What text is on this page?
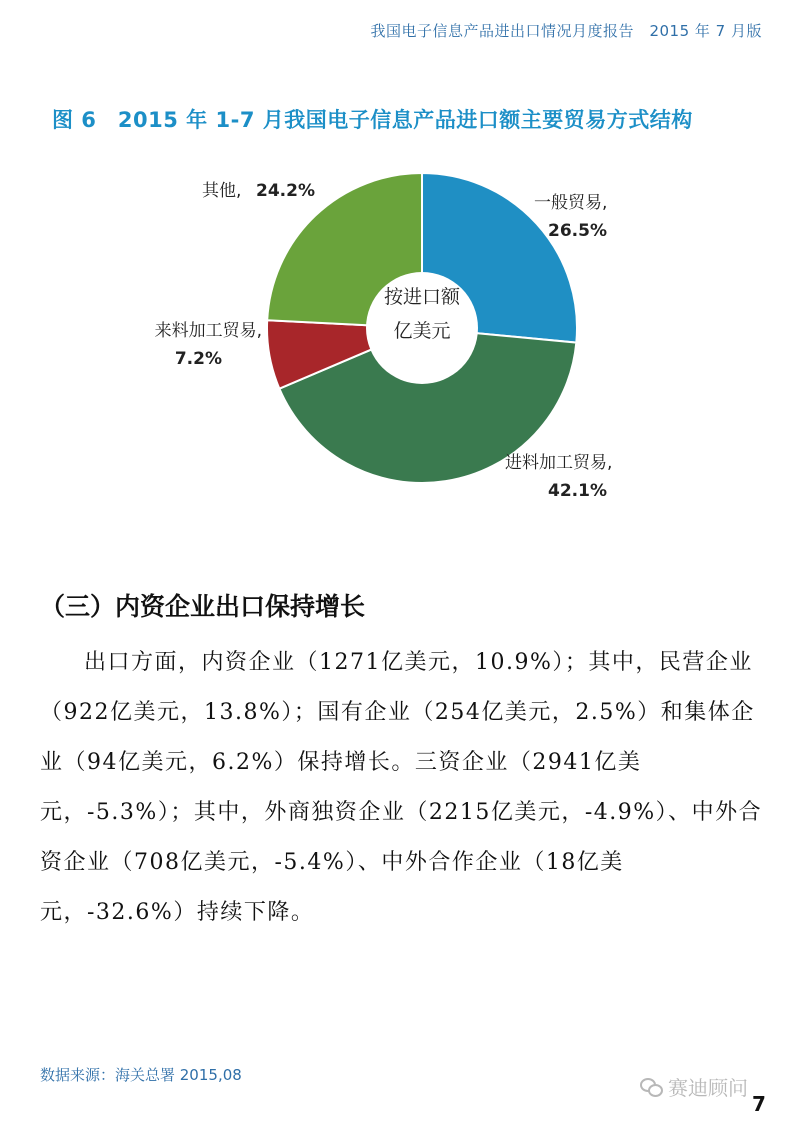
我国电子信息产品进出口情况月度报告　2015 年 7 月版
图 6　2015 年 1-7 月我国电子信息产品进口额主要贸易方式结构
按进口额
亿美元
一般贸易,
26.5%
进料加工贸易,
42.1%
来料加工贸易,
7.2%
其他, 24.2%
（三）内资企业出口保持增长
出口方面，内资企业（1271亿美元，10.9%）；其中，民营企业（922亿美元，13.8%）；国有企业（254亿美元，2.5%）和集体企业（94亿美元，6.2%）保持增长。三资企业（2941亿美元，-5.3%）；其中，外商独资企业（2215亿美元，-4.9%）、中外合资企业（708亿美元，-5.4%）、中外合作企业（18亿美元，-32.6%）持续下降。
数据来源：海关总署 2015,08
赛迪顾问
7
